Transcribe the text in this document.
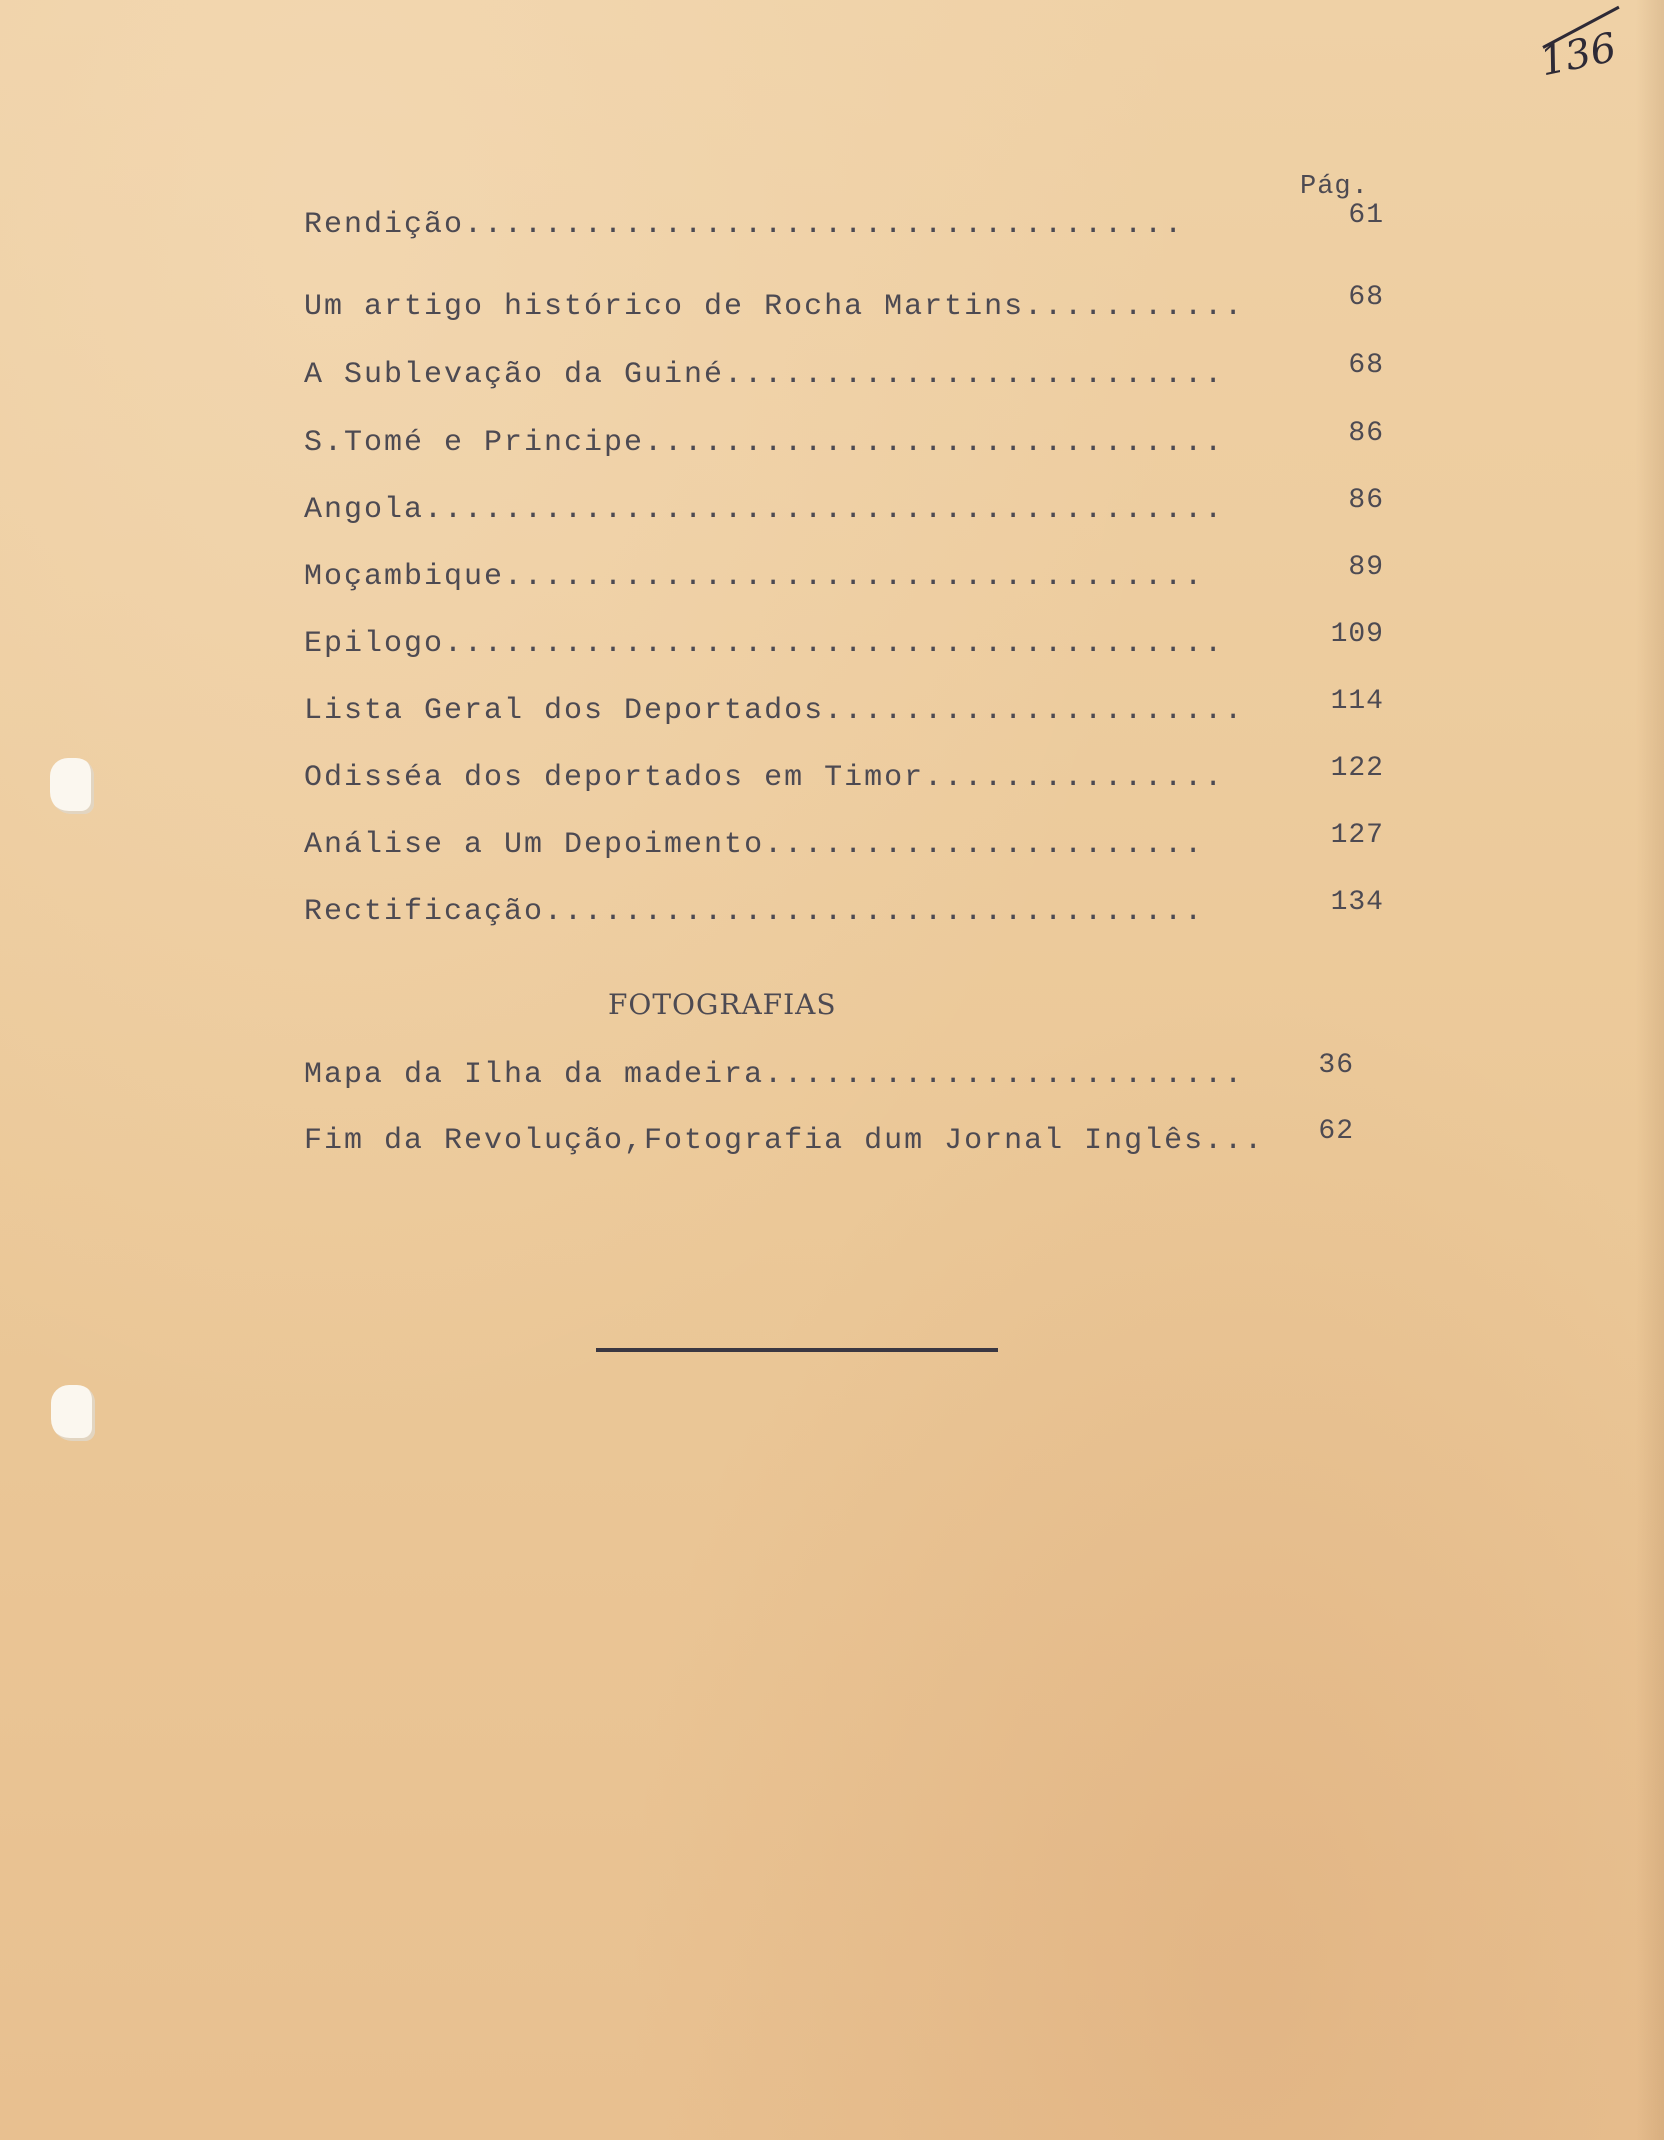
136
Pág.
Rendição....................................	61
Um artigo histórico de Rocha Martins...........	68
A Sublevação da Guiné.........................	68
S.Tomé e Principe.............................	86
Angola........................................	86
Moçambique...................................	89
Epilogo.......................................	109
Lista Geral dos Deportados.....................	114
Odisséa dos deportados em Timor...............	122
Análise a Um Depoimento......................	127
Rectificação.................................	134
FOTOGRAFIAS
Mapa da Ilha da madeira........................	36
Fim da Revolução,Fotografia dum Jornal Inglês...	62
